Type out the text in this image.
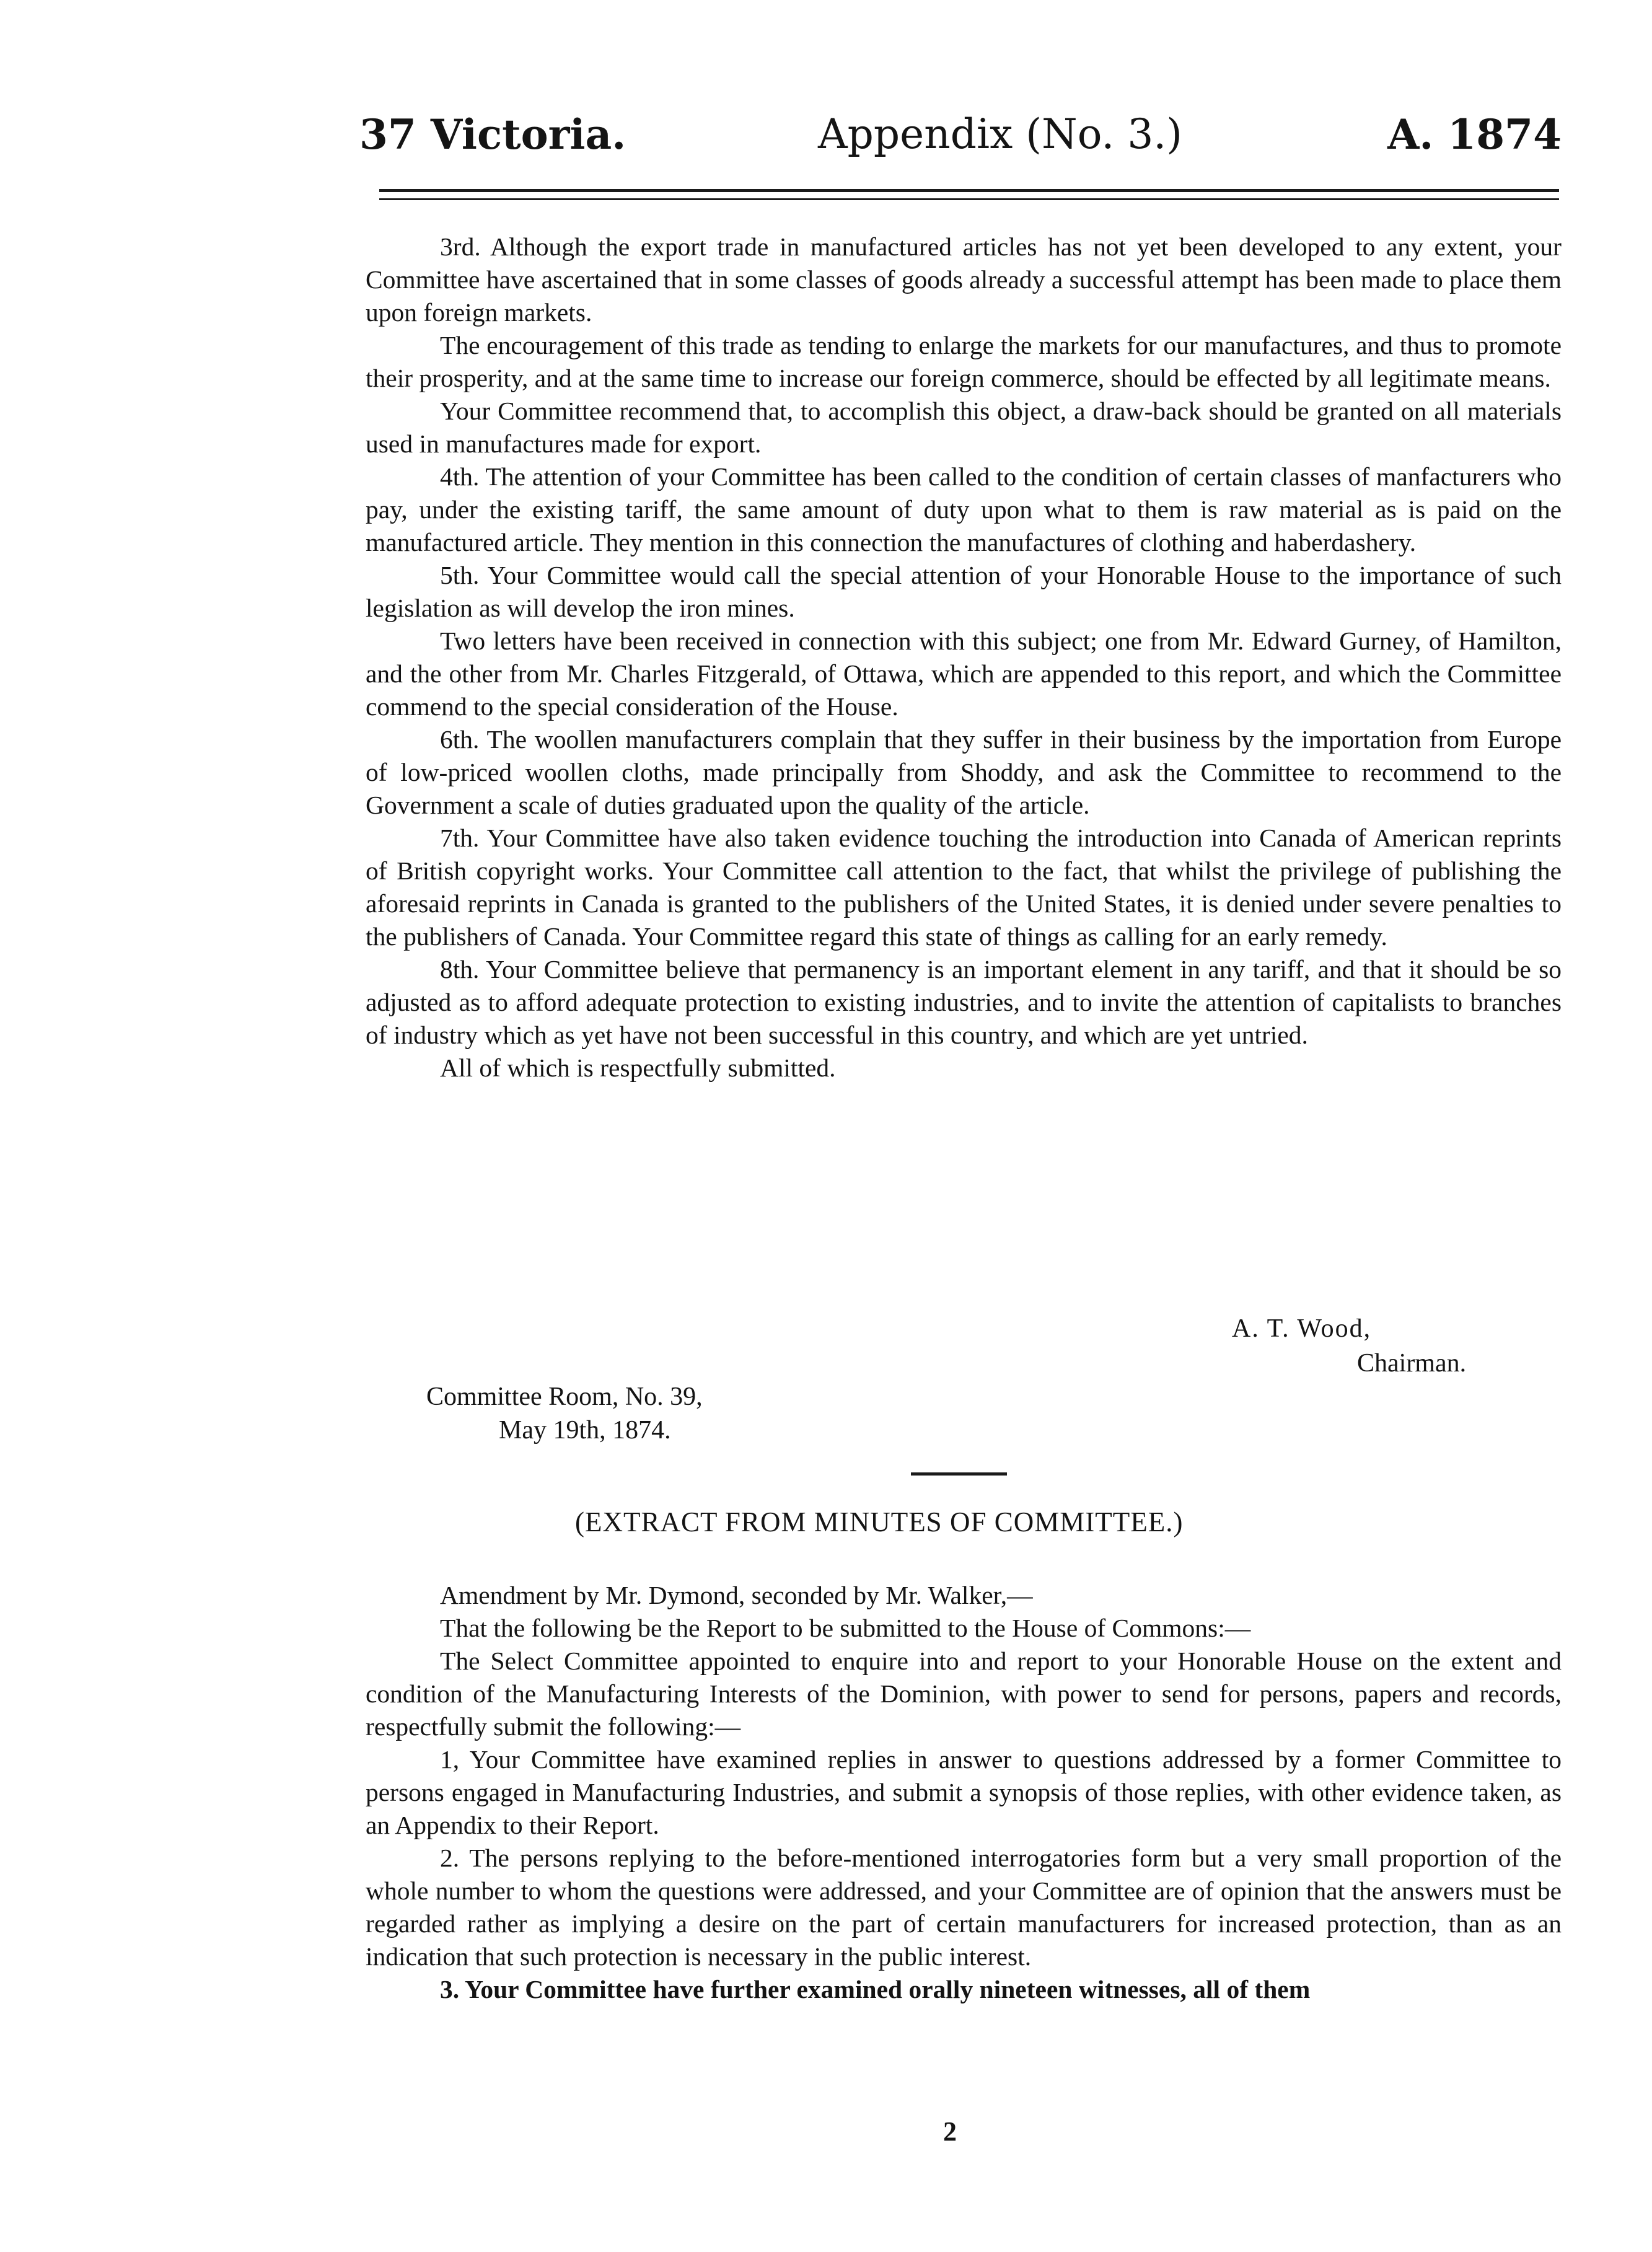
37 Victoria.	Appendix (No. 3.)	A. 1874

3rd. Although the export trade in manufactured articles has not yet been developed to any extent, your Committee have ascertained that in some classes of goods already a successful attempt has been made to place them upon foreign markets.

The encouragement of this trade as tending to enlarge the markets for our manufactures, and thus to promote their prosperity, and at the same time to increase our foreign commerce, should be effected by all legitimate means.

Your Committee recommend that, to accomplish this object, a draw-back should be granted on all materials used in manufactures made for export.

4th. The attention of your Committee has been called to the condition of certain classes of manfacturers who pay, under the existing tariff, the same amount of duty upon what to them is raw material as is paid on the manufactured article. They mention in this connection the manufactures of clothing and haberdashery.

5th. Your Committee would call the special attention of your Honorable House to the importance of such legislation as will develop the iron mines.

Two letters have been received in connection with this subject; one from Mr. Edward Gurney, of Hamilton, and the other from Mr. Charles Fitzgerald, of Ottawa, which are appended to this report, and which the Committee commend to the special consideration of the House.

6th. The woollen manufacturers complain that they suffer in their business by the importation from Europe of low-priced woollen cloths, made principally from Shoddy, and ask the Committee to recommend to the Government a scale of duties graduated upon the quality of the article.

7th. Your Committee have also taken evidence touching the introduction into Canada of American reprints of British copyright works. Your Committee call attention to the fact, that whilst the privilege of publishing the aforesaid reprints in Canada is granted to the publishers of the United States, it is denied under severe penalties to the publishers of Canada. Your Committee regard this state of things as calling for an early remedy.

8th. Your Committee believe that permanency is an important element in any tariff, and that it should be so adjusted as to afford adequate protection to existing industries, and to invite the attention of capitalists to branches of industry which as yet have not been successful in this country, and which are yet untried.

All of which is respectfully submitted.

A. T. Wood,
Chairman.
Committee Room, No. 39,
May 19th, 1874.
(EXTRACT FROM MINUTES OF COMMITTEE.)

Amendment by Mr. Dymond, seconded by Mr. Walker,—

That the following be the Report to be submitted to the House of Commons:—

The Select Committee appointed to enquire into and report to your Honorable House on the extent and condition of the Manufacturing Interests of the Dominion, with power to send for persons, papers and records, respectfully submit the following:—

1, Your Committee have examined replies in answer to questions addressed by a former Committee to persons engaged in Manufacturing Industries, and submit a synopsis of those replies, with other evidence taken, as an Appendix to their Report.

2. The persons replying to the before-mentioned interrogatories form but a very small proportion of the whole number to whom the questions were addressed, and your Committee are of opinion that the answers must be regarded rather as implying a desire on the part of certain manufacturers for increased protection, than as an indication that such protection is necessary in the public interest.

3. Your Committee have further examined orally nineteen witnesses, all of them

2
